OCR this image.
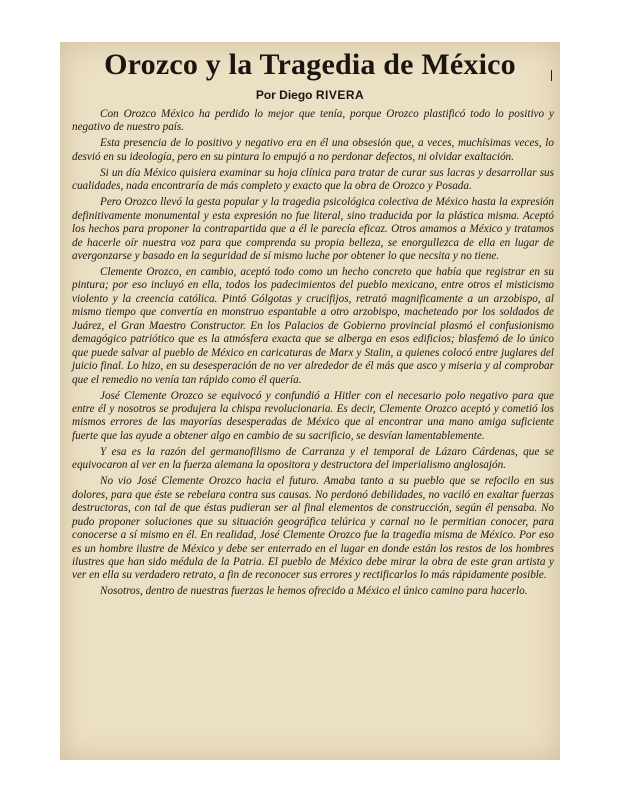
Orozco y la Tragedia de México
Por Diego RIVERA

Con Orozco México ha perdido lo mejor que tenía, porque Orozco plastificó todo lo positivo y negativo de nuestro país.

Esta presencia de lo positivo y negativo era en él una obsesión que, a veces, muchísimas veces, lo desvió en su ideología, pero en su pintura lo empujó a no perdonar defectos, ni olvidar exaltación.

Si un día México quisiera examinar su hoja clínica para tratar de curar sus lacras y desarrollar sus cualidades, nada encontraría de más completo y exacto que la obra de Orozco y Posada.

Pero Orozco llevó la gesta popular y la tragedia psicológica colectiva de México hasta la expresión definitivamente monumental y esta expresión no fue literal, sino traducida por la plástica misma. Aceptó los hechos para proponer la contrapartida que a él le parecía eficaz. Otros amamos a México y tratamos de hacerle oír nuestra voz para que comprenda su propia belleza, se enorgullezca de ella en lugar de avergonzarse y basado en la seguridad de sí mismo luche por obtener lo que necsita y no tiene.

Clemente Orozco, en cambio, aceptó todo como un hecho concreto que había que registrar en su pintura; por eso incluyó en ella, todos los padecimientos del pueblo mexicano, entre otros el misticismo violento y la creencia católica. Pintó Gólgotas y crucifijos, retrató magnificamente a un arzobispo, al mismo tiempo que convertía en monstruo espantable a otro arzobispo, macheteado por los soldados de Juárez, el Gran Maestro Constructor. En los Palacios de Gobierno provincial plasmó el confusionismo demagógico patriótico que es la atmósfera exacta que se alberga en esos edificios; blasfemó de lo único que puede salvar al pueblo de México en caricaturas de Marx y Stalin, a quienes colocó entre juglares del juicio final. Lo hizo, en su desesperación de no ver alrededor de él más que asco y miseria y al comprobar que el remedio no venía tan rápido como él quería.

José Clemente Orozco se equivocó y confundió a Hitler con el necesario polo negativo para que entre él y nosotros se produjera la chispa revolucionaria. Es decir, Clemente Orozco aceptó y cometió los mismos errores de las mayorías desesperadas de México que al encontrar una mano amiga suficiente fuerte que las ayude a obtener algo en cambio de su sacrificio, se desvían lamentablemente.

Y esa es la razón del germanofilismo de Carranza y el temporal de Lázaro Cárdenas, que se equivocaron al ver en la fuerza alemana la opositora y destructora del imperialismo anglosajón.

No vio José Clemente Orozco hacia el futuro. Amaba tanto a su pueblo que se refocilo en sus dolores, para que éste se rebelara contra sus causas. No perdonó debilidades, no vaciló en exaltar fuerzas destructoras, con tal de que éstas pudieran ser al final elementos de construcción, según él pensaba. No pudo proponer soluciones que su situación geográfica telúrica y carnal no le permitian conocer, para conocerse a sí mismo en él. En realidad, José Clemente Orozco fue la tragedia misma de México. Por eso es un hombre ilustre de México y debe ser enterrado en el lugar en donde están los restos de los hombres ilustres que han sido médula de la Patria. El pueblo de México debe mirar la obra de este gran artista y ver en ella su verdadero retrato, a fin de reconocer sus errores y rectificarlos lo más rápidamente posible.

Nosotros, dentro de nuestras fuerzas le hemos ofrecido a México el único camino para hacerlo.
